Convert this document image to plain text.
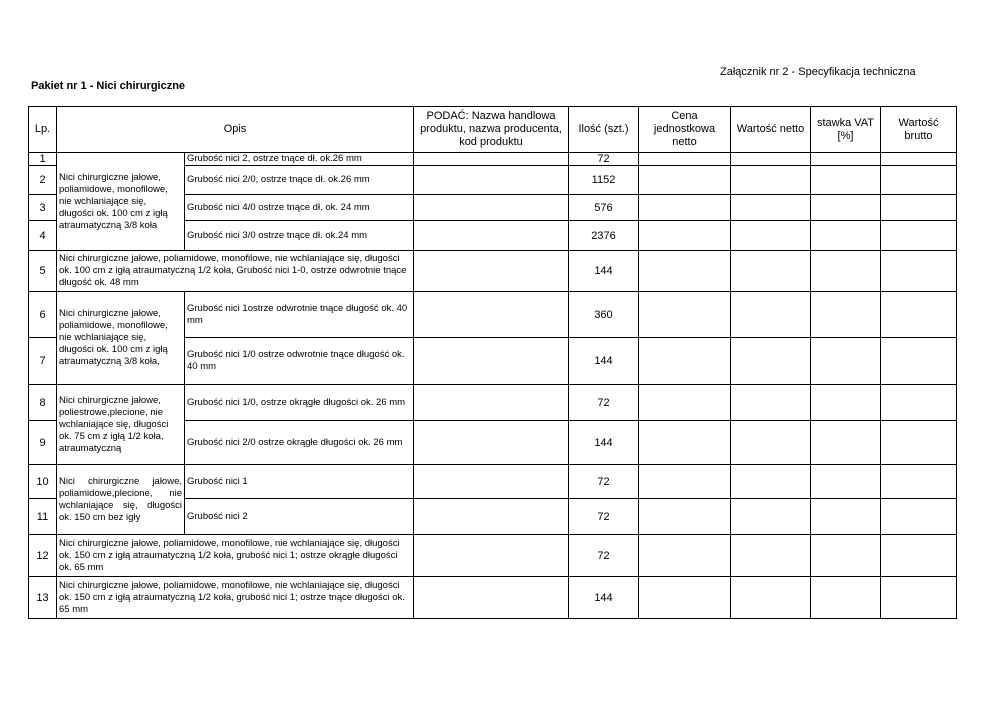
Załącznik nr 2 - Specyfikacja techniczna
Pakiet nr 1 - Nici chirurgiczne
Lp.	Opis		PODAĆ: Nazwa handlowa produktu, nazwa producenta, kod produktu	Ilość (szt.)	Cena jednostkowa netto	Wartość netto	stawka VAT [%]	Wartość brutto
1	Nici chirurgiczne jałowe, poliamidowe, monofilowe, nie wchlaniające się, długości ok. 100 cm z igłą atraumatyczną 3/8 koła	Grubość nici 2, ostrze tnące dł. ok.26 mm		72				
2		Grubość nici 2/0, ostrze tnące dł. ok.26 mm		1152				
3		Grubość nici 4/0 ostrze tnące dł. ok. 24 mm		576				
4		Grubość nici 3/0 ostrze tnące dł. ok.24 mm		2376				
5	Nici chirurgiczne jałowe, poliamidowe, monofilowe, nie wchlaniające się, długości ok. 100 cm z igłą atraumatyczną 1/2 koła, Grubość nici 1-0, ostrze odwrotnie tnące długość ok. 48 mm			144				
6	Nici chirurgiczne jałowe, poliamidowe, monofilowe, nie wchlaniające się, długości ok. 100 cm z igłą atraumatyczną 3/8 koła,	Grubość nici 1ostrze odwrotnie tnące długość ok. 40 mm		360				
7		Grubość nici 1/0 ostrze odwrotnie tnące długość ok. 40 mm		144				
8	Nici chirurgiczne jałowe, poliestrowe,plecione, nie wchlaniające się, długości ok. 75 cm z igłą 1/2 koła, atraumatyczną	Grubość nici 1/0, ostrze okrągłe długości ok. 26 mm		72				
9		Grubość nici 2/0 ostrze okrągłe długości ok. 26 mm		144				
10	Nici chirurgiczne jałowe, poliamidowe,plecione, nie wchlaniające się, długości ok. 150 cm bez igły	Grubość nici 1		72				
11		Grubość nici 2		72				
12	Nici chirurgiczne jałowe, poliamidowe, monofilowe, nie wchlaniające się, długości ok. 150 cm z igłą atraumatyczną 1/2 koła, grubość nici 1; ostrze okrągłe długości ok. 65 mm			72				
13	Nici chirurgiczne jałowe, poliamidowe, monofilowe, nie wchlaniające się, długości ok. 150 cm z igłą atraumatyczną 1/2 koła, grubość nici 1; ostrze tnące długości ok. 65 mm			144				
